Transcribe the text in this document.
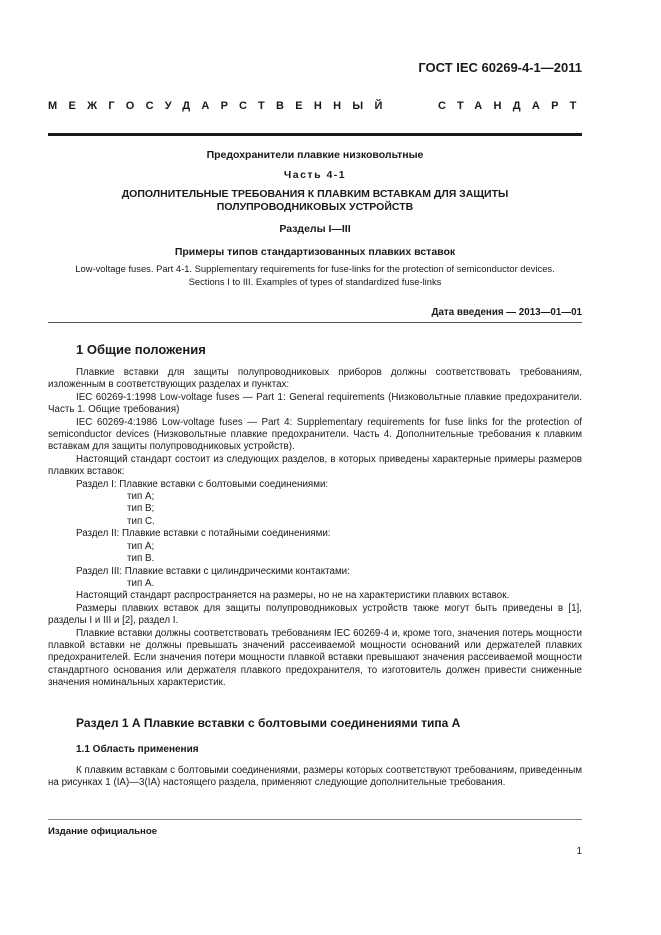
ГОСТ IEC 60269-4-1—2011
МЕЖГОСУДАРСТВЕННЫЙ	СТАНДАРТ
Предохранители плавкие низковольтные
Часть 4-1
ДОПОЛНИТЕЛЬНЫЕ ТРЕБОВАНИЯ К ПЛАВКИМ ВСТАВКАМ ДЛЯ ЗАЩИТЫ
ПОЛУПРОВОДНИКОВЫХ УСТРОЙСТВ
Разделы I—III
Примеры типов стандартизованных плавких вставок
Low-voltage fuses. Part 4-1. Supplementary requirements for fuse-links for the protection of semiconductor devices.
Sections I to III. Examples of types of standardized fuse-links
Дата введения — 2013—01—01
1 Общие положения

Плавкие вставки для защиты полупроводниковых приборов должны соответствовать требованиям, изложенным в соответствующих разделах и пунктах:

IEC 60269-1:1998 Low-voltage fuses — Part 1: General requirements (Низковольтные плавкие предохранители. Часть 1. Общие требования)

IEC 60269-4:1986 Low-voltage fuses — Part 4: Supplementary requirements for fuse links for the protection of semiconductor devices (Низковольтные плавкие предохранители. Часть 4. Дополнительные требования к плавким вставкам для защиты полупроводниковых устройств).

Настоящий стандарт состоит из следующих разделов, в которых приведены характерные примеры размеров плавких вставок:

Раздел I: Плавкие вставки с болтовыми соединениями:

тип А;

тип В;

тип С.

Раздел II: Плавкие вставки с потайными соединениями:

тип А;

тип В.

Раздел III: Плавкие вставки с цилиндрическими контактами:

тип А.

Настоящий стандарт распространяется на размеры, но не на характеристики плавких вставок.

Размеры плавких вставок для защиты полупроводниковых устройств также могут быть приведены в [1], разделы I и III и [2], раздел I.

Плавкие вставки должны соответствовать требованиям IEC 60269-4 и, кроме того, значения потерь мощности плавкой вставки не должны превышать значений рассеиваемой мощности оснований или держателей плавких предохранителей. Если значения потери мощности плавкой вставки превышают значения рассеиваемой мощности стандартного основания или держателя плавкого предохранителя, то изготовитель должен привести сниженные значения номинальных характеристик.

Раздел 1 А Плавкие вставки с болтовыми соединениями типа А
1.1 Область применения

К плавким вставкам с болтовыми соединениями, размеры которых соответствуют требованиям, приведенным на рисунках 1 (IA)—3(IA) настоящего раздела, применяют следующие дополнительные требования.

Издание официальное
1
